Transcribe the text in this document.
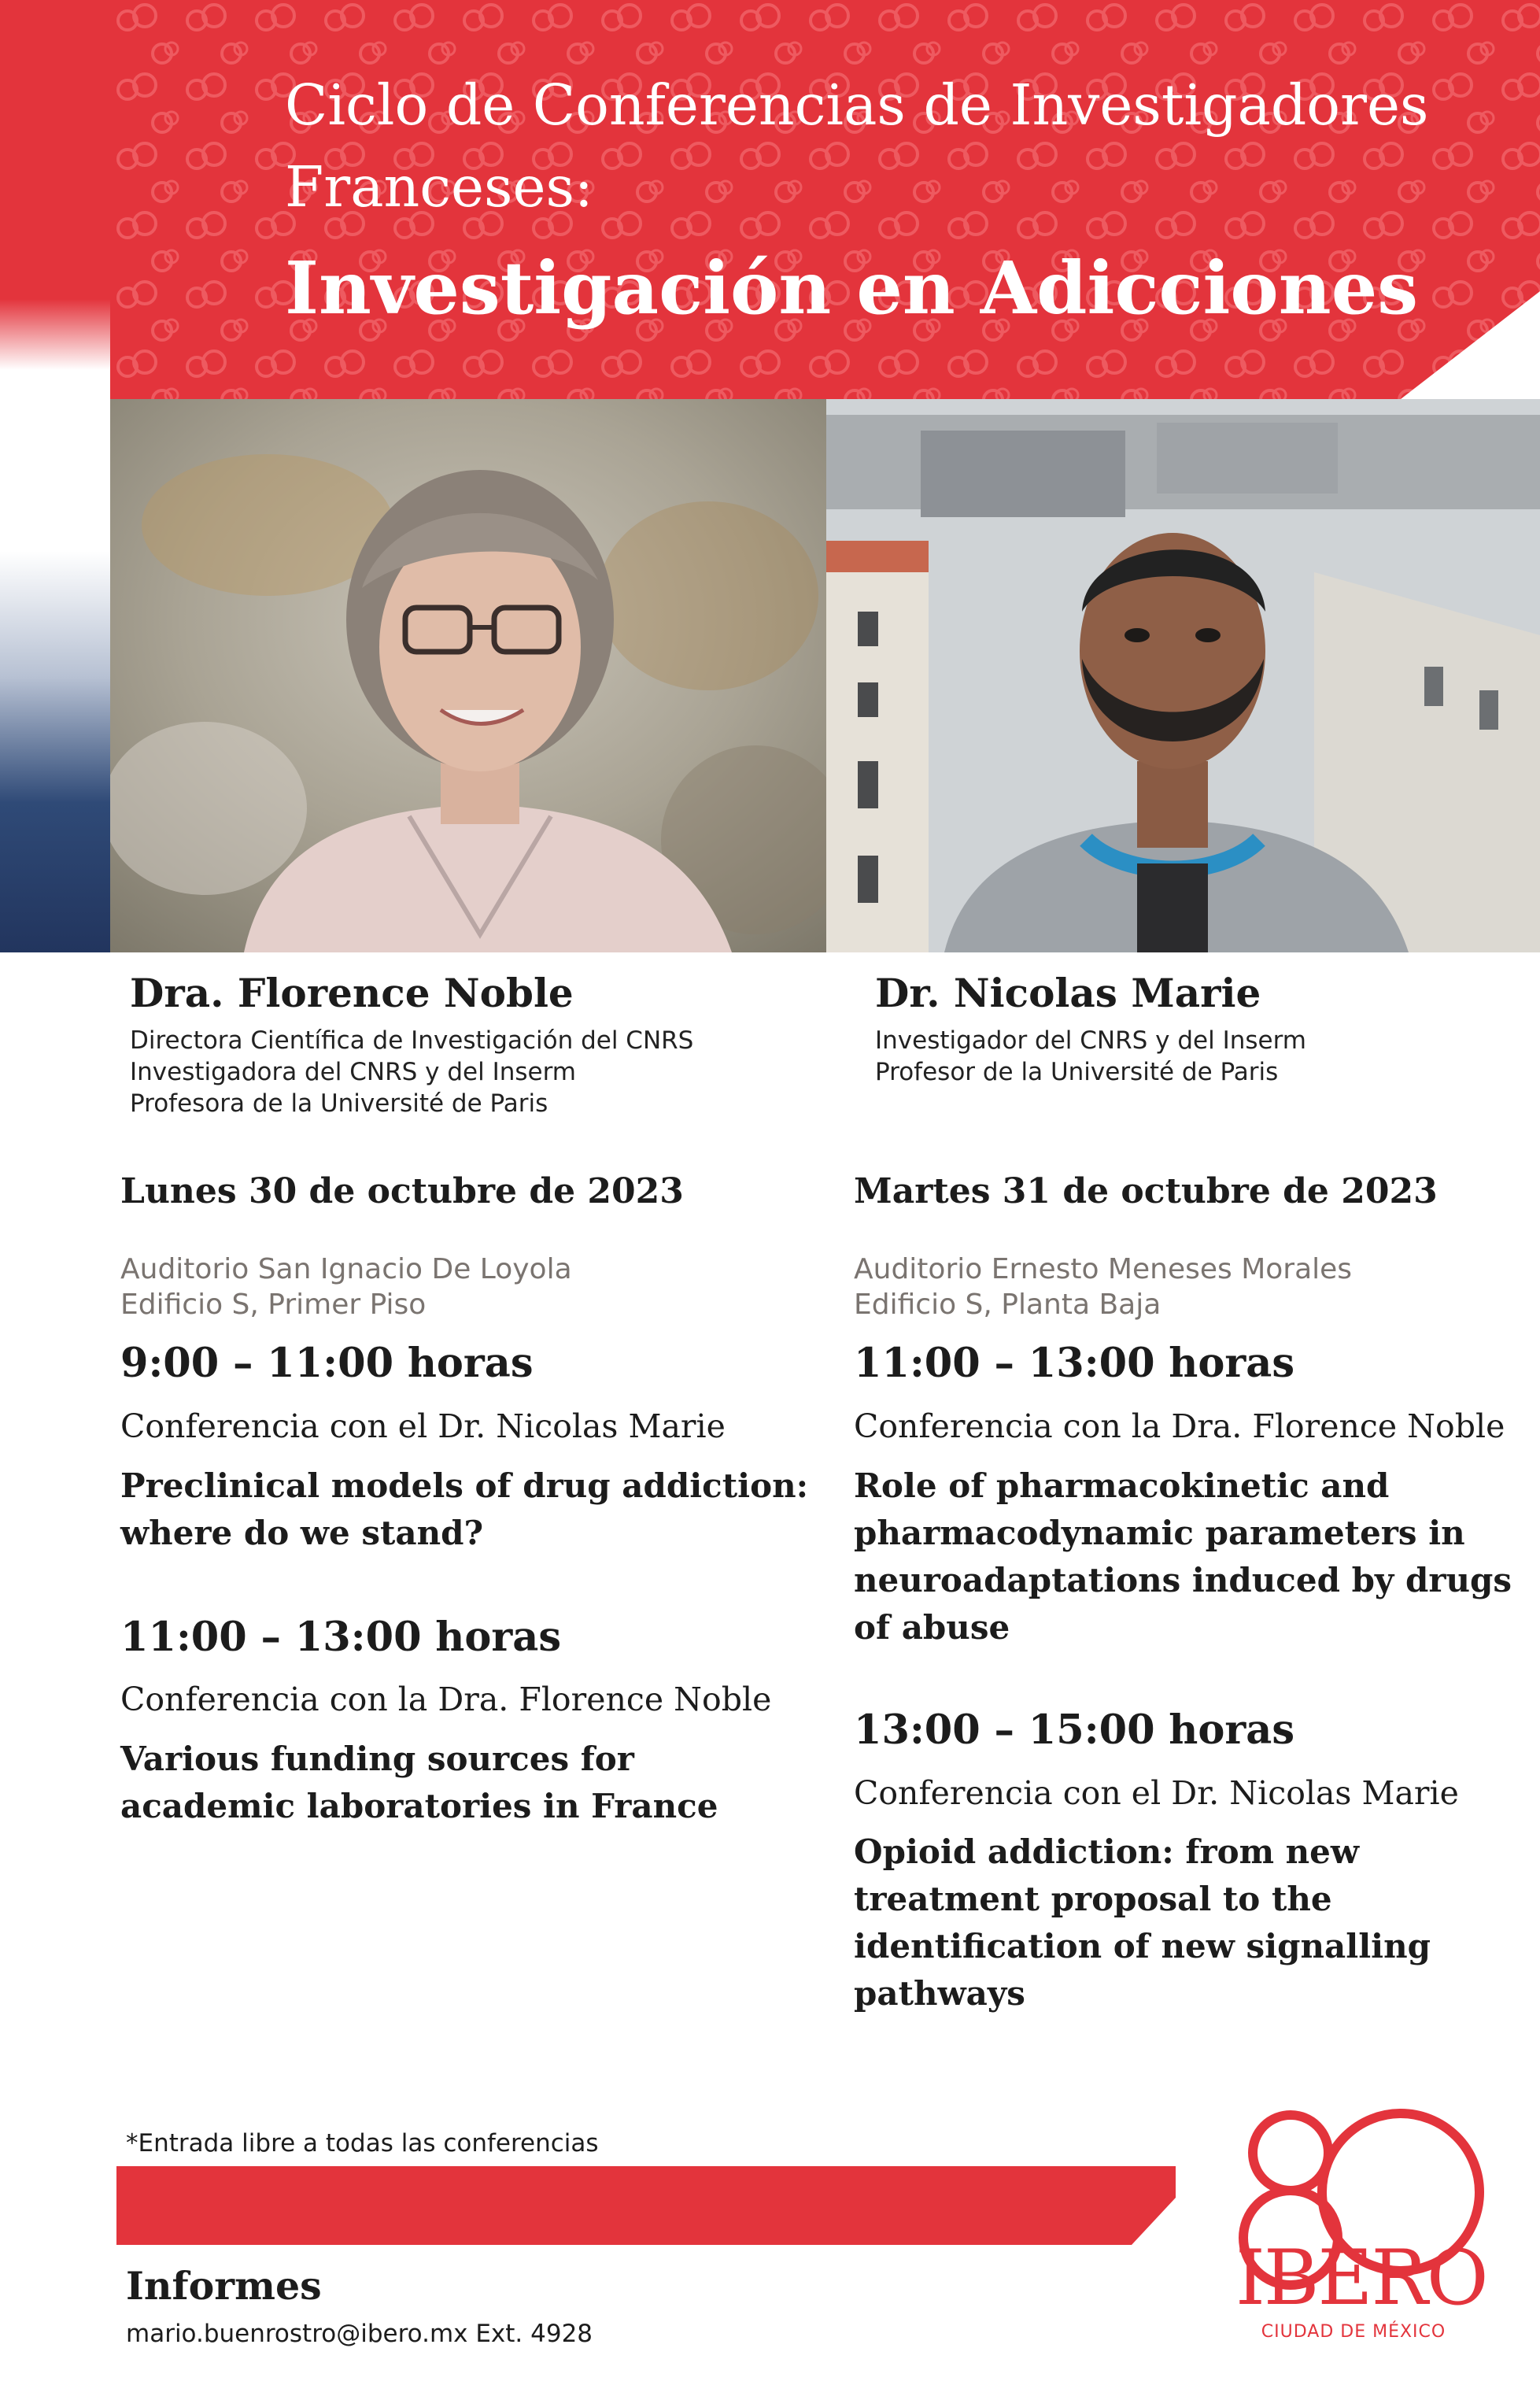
Ciclo de Conferencias de Investigadores
Franceses:
Investigación en Adicciones
Dra. Florence Noble
Directora Científica de Investigación del CNRS
Investigadora del CNRS y del Inserm
Profesora de la Université de Paris
Dr. Nicolas Marie
Investigador del CNRS y del Inserm
Profesor de la Université de Paris
Lunes 30 de octubre de 2023
Auditorio San Ignacio De Loyola
Edificio S, Primer Piso
9:00 – 11:00 horas
Conferencia con el Dr. Nicolas Marie
Preclinical models of drug addiction:
where do we stand?
11:00 – 13:00 horas
Conferencia con la Dra. Florence Noble
Various funding sources for
academic laboratories in France
Martes 31 de octubre de 2023
Auditorio Ernesto Meneses Morales
Edificio S, Planta Baja
11:00 – 13:00 horas
Conferencia con la Dra. Florence Noble
Role of pharmacokinetic and
pharmacodynamic parameters in
neuroadaptations induced by drugs
of abuse
13:00 – 15:00 horas
Conferencia con el Dr. Nicolas Marie
Opioid addiction: from new
treatment proposal to the
identification of new signalling
pathways
*Entrada libre a todas las conferencias
Informes
mario.buenrostro@ibero.mx Ext. 4928
IBERO
CIUDAD DE MÉXICO
